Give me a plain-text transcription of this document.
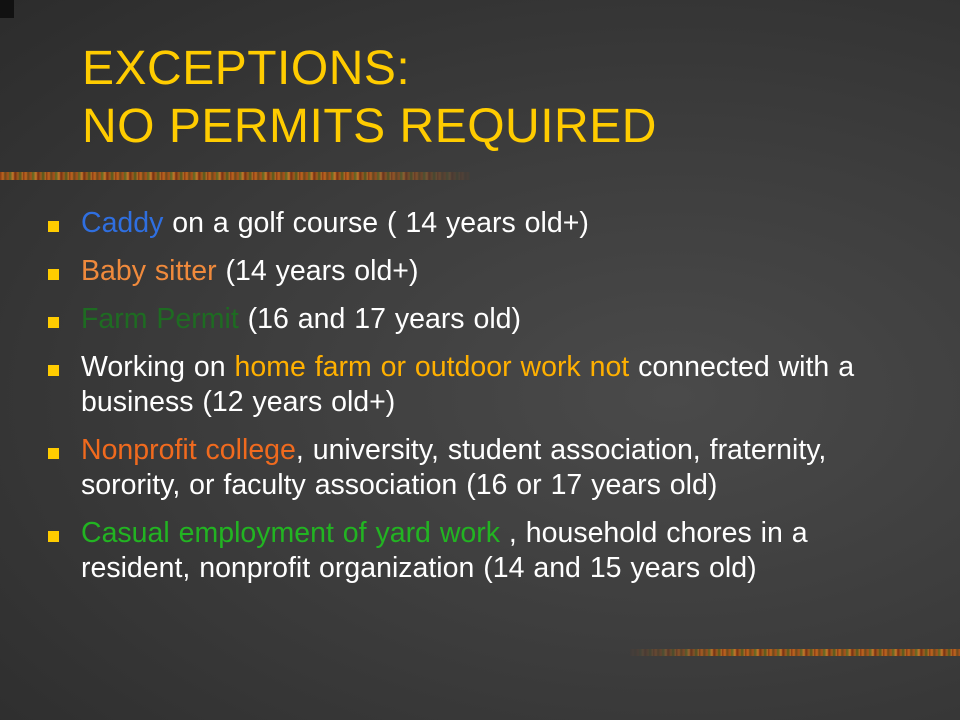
EXCEPTIONS:
NO PERMITS REQUIRED
Caddy on a golf course ( 14 years old+)
Baby sitter (14 years old+)
Farm Permit (16 and 17 years old)
Working on home farm or outdoor work not connected with a business (12 years old+)
Nonprofit college, university, student association, fraternity, sorority, or faculty association (16 or 17 years old)
Casual employment of yard work , household chores in a resident, nonprofit organization (14 and 15 years old)
